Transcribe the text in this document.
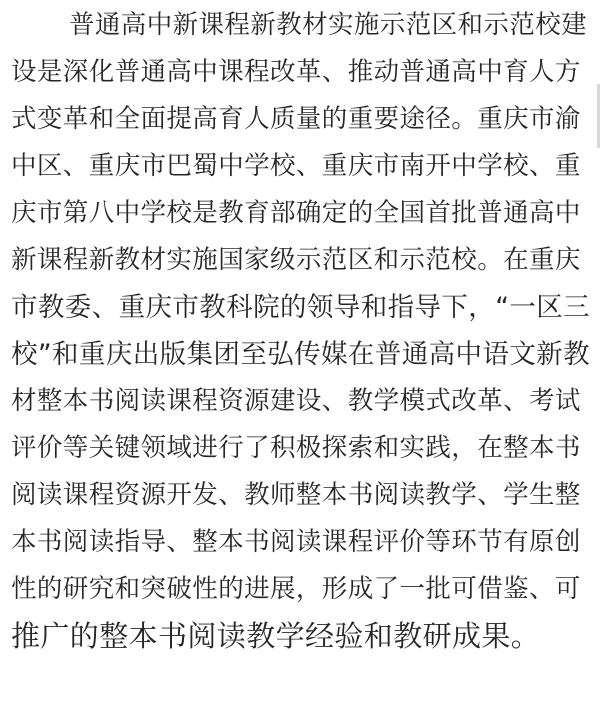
普通高中新课程新教材实施示范区和示范校建
设是深化普通高中课程改革、推动普通高中育人方
式变革和全面提高育人质量的重要途径。重庆市渝
中区、重庆市巴蜀中学校、重庆市南开中学校、重
庆市第八中学校是教育部确定的全国首批普通高中
新课程新教材实施国家级示范区和示范校。在重庆
市教委、重庆市教科院的领导和指导下，“一区三
校”和重庆出版集团至弘传媒在普通高中语文新教
材整本书阅读课程资源建设、教学模式改革、考试
评价等关键领域进行了积极探索和实践，在整本书
阅读课程资源开发、教师整本书阅读教学、学生整
本书阅读指导、整本书阅读课程评价等环节有原创
性的研究和突破性的进展，形成了一批可借鉴、可
推广的整本书阅读教学经验和教研成果。
